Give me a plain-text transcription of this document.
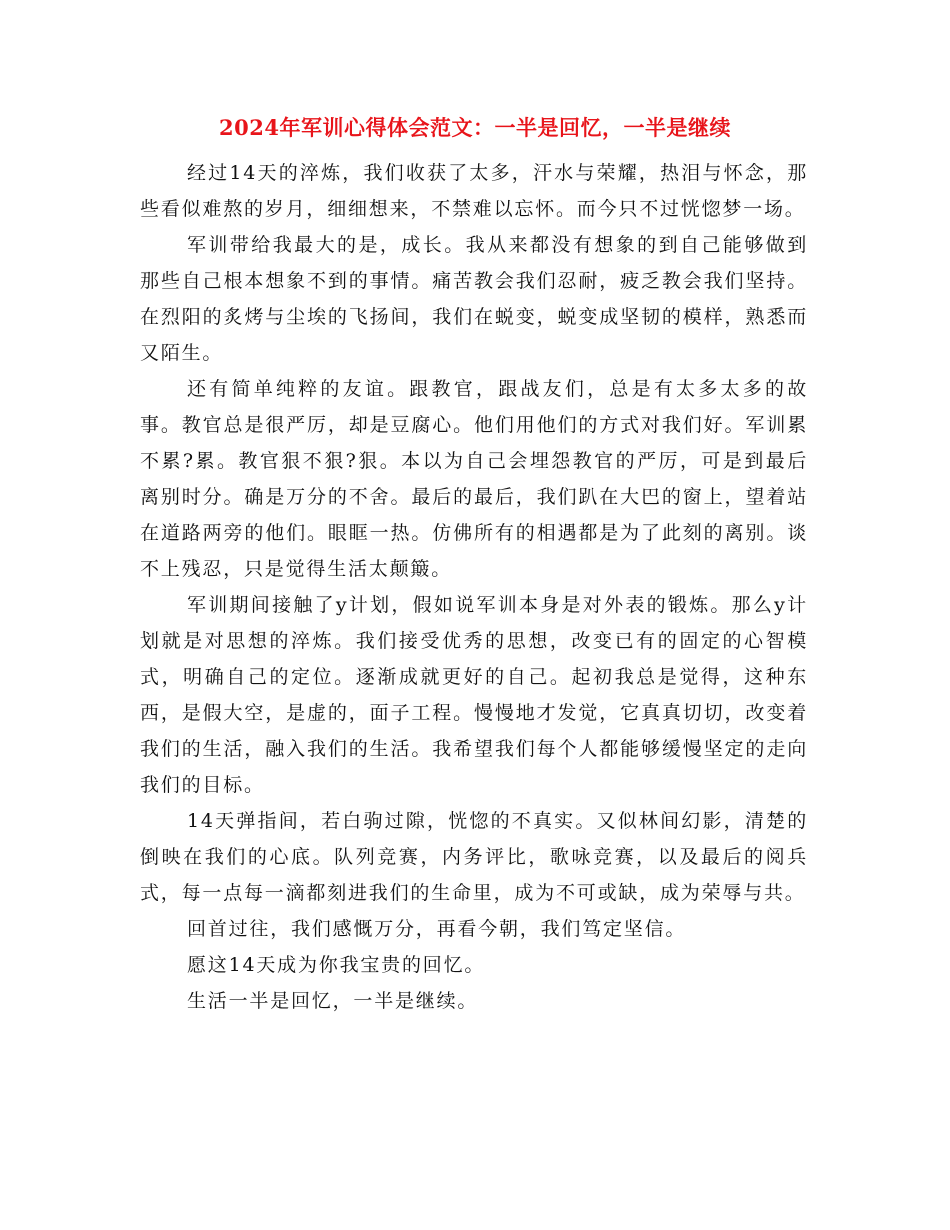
2024年军训心得体会范文：一半是回忆，一半是继续

经过14天的淬炼，我们收获了太多，汗水与荣耀，热泪与怀念，那些看似难熬的岁月，细细想来，不禁难以忘怀。而今只不过恍惚梦一场。

军训带给我最大的是，成长。我从来都没有想象的到自己能够做到那些自己根本想象不到的事情。痛苦教会我们忍耐，疲乏教会我们坚持。在烈阳的炙烤与尘埃的飞扬间，我们在蜕变，蜕变成坚韧的模样，熟悉而又陌生。

还有简单纯粹的友谊。跟教官，跟战友们，总是有太多太多的故事。教官总是很严厉，却是豆腐心。他们用他们的方式对我们好。军训累不累?累。教官狠不狠?狠。本以为自己会埋怨教官的严厉，可是到最后离别时分。确是万分的不舍。最后的最后，我们趴在大巴的窗上，望着站在道路两旁的他们。眼眶一热。仿佛所有的相遇都是为了此刻的离别。谈不上残忍，只是觉得生活太颠簸。

军训期间接触了y计划，假如说军训本身是对外表的锻炼。那么y计划就是对思想的淬炼。我们接受优秀的思想，改变已有的固定的心智模式，明确自己的定位。逐渐成就更好的自己。起初我总是觉得，这种东西，是假大空，是虚的，面子工程。慢慢地才发觉，它真真切切，改变着我们的生活，融入我们的生活。我希望我们每个人都能够缓慢坚定的走向我们的目标。

14天弹指间，若白驹过隙，恍惚的不真实。又似林间幻影，清楚的倒映在我们的心底。队列竞赛，内务评比，歌咏竞赛，以及最后的阅兵式，每一点每一滴都刻进我们的生命里，成为不可或缺，成为荣辱与共。

回首过往，我们感慨万分，再看今朝，我们笃定坚信。

愿这14天成为你我宝贵的回忆。

生活一半是回忆，一半是继续。
